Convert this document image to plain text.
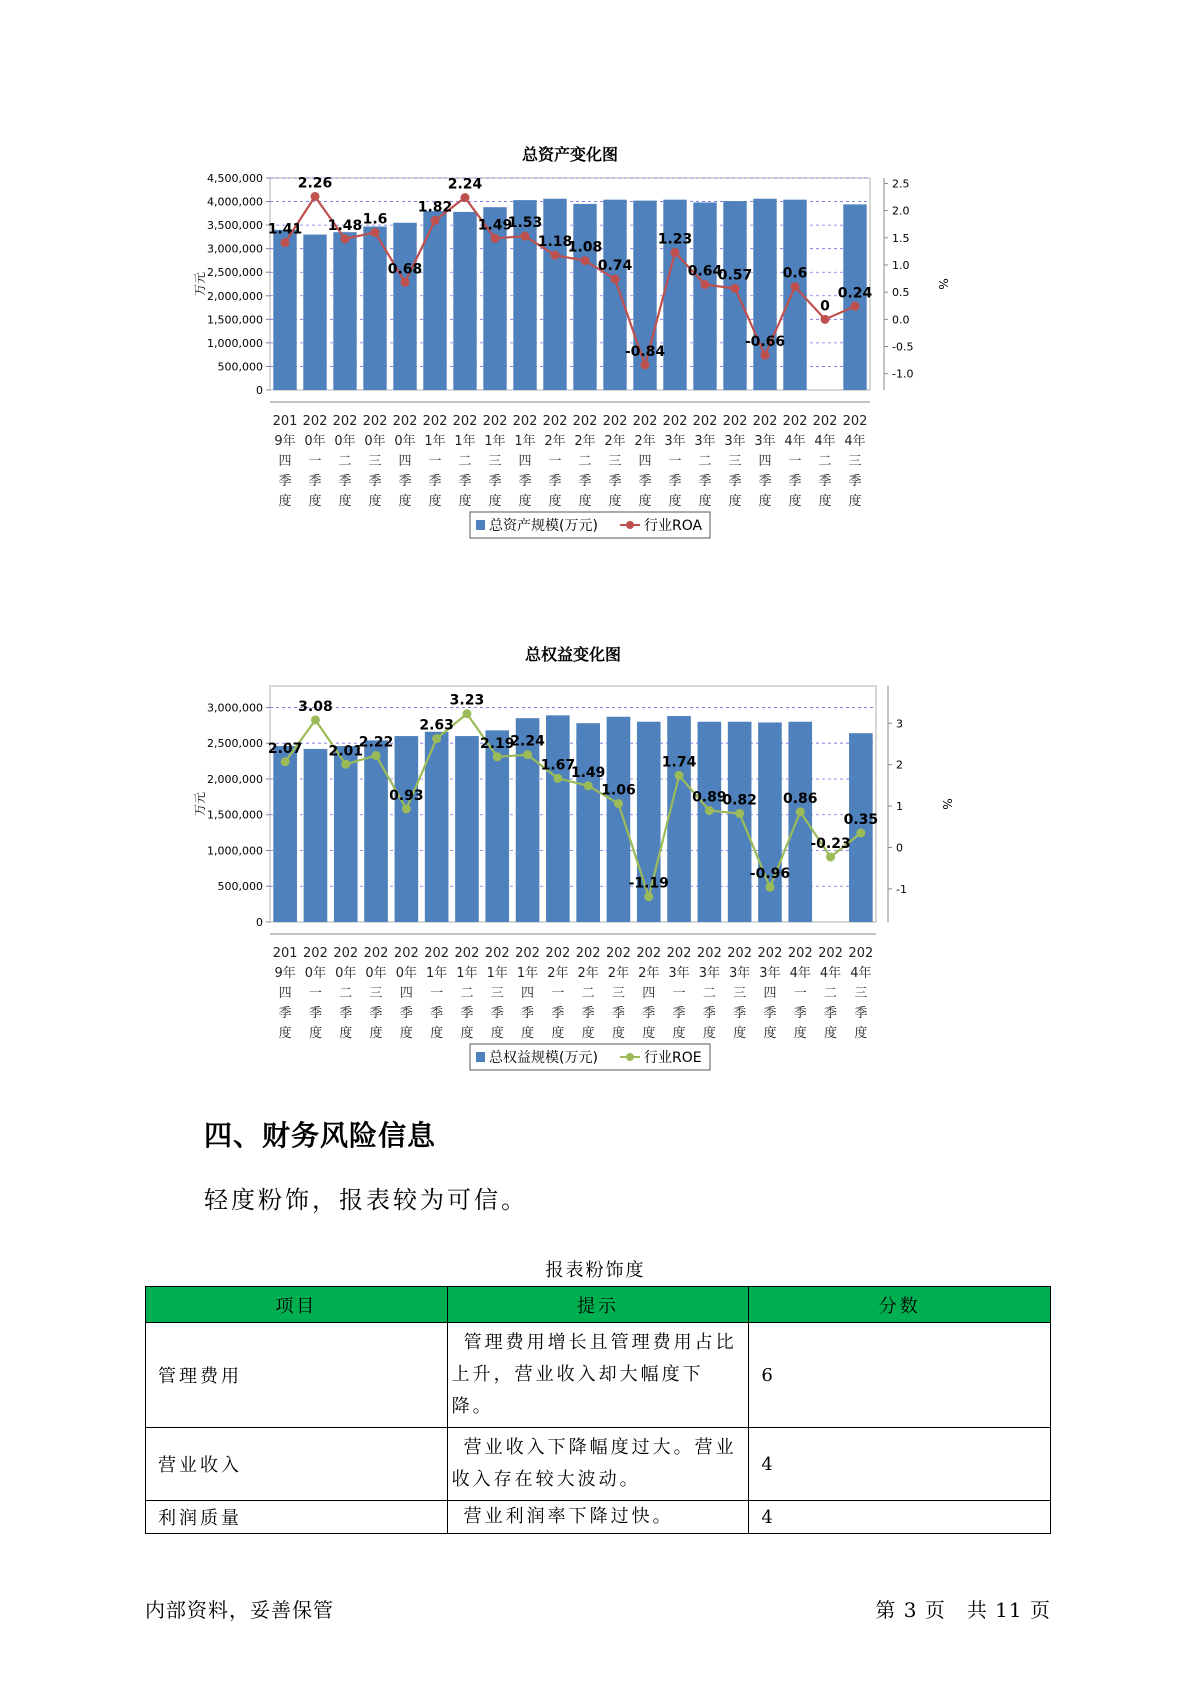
总资产变化图
0
500,000
1,000,000
1,500,000
2,000,000
2,500,000
3,000,000
3,500,000
4,000,000
4,500,000
万元
-1.0
-0.5
0.0
0.5
1.0
1.5
2.0
2.5
%
1.41
2.26
1.48 1.6
0.68
1.82
2.24
1.49
1.53
1.18
1.08
0.74
-0.84
1.23
0.64
0.57
-0.66
0.6
0
0.24
201
9年
四
季
度
202
0年
一
季
度
202
0年
二
季
度
202
0年
三
季
度
202
0年
四
季
度
202
1年
一
季
度
202
1年
二
季
度
202
1年
三
季
度
202
1年
四
季
度
202
2年
一
季
度
202
2年
二
季
度
202
2年
三
季
度
202
2年
四
季
度
202
3年
一
季
度
202
3年
二
季
度
202
3年
三
季
度
202
3年
四
季
度
202
4年
一
季
度
202
4年
二
季
度
202
4年
三
季
度
总资产规模(万元)	行业ROA
总权益变化图
0
500,000
1,000,000
1,500,000
2,000,000
2,500,000
3,000,000
万元
-1
0
1
2
3
%
2.07
3.08
2.01
2.22
0.93
2.63
3.23
2.19
2.24
1.67
1.49
1.06
-1.19
1.74
0.89
0.82
-0.96
0.86
-0.23
0.35
201
9年
四
季
度
202
0年
一
季
度
202
0年
二
季
度
202
0年
三
季
度
202
0年
四
季
度
202
1年
一
季
度
202
1年
二
季
度
202
1年
三
季
度
202
1年
四
季
度
202
2年
一
季
度
202
2年
二
季
度
202
2年
三
季
度
202
2年
四
季
度
202
3年
一
季
度
202
3年
二
季
度
202
3年
三
季
度
202
3年
四
季
度
202
4年
一
季
度
202
4年
二
季
度
202
4年
三
季
度
总权益规模(万元)	行业ROE
四、财务风险信息
轻度粉饰，报表较为可信。
报表粉饰度
项目	提示	分数
管理费用	管理费用增长且管理费用占比上升，营业收入却大幅度下降。	6
营业收入	营业收入下降幅度过大。营业收入存在较大波动。	4
利润质量	营业利润率下降过快。	4
内部资料，妥善保管	第 3 页　共 11 页
